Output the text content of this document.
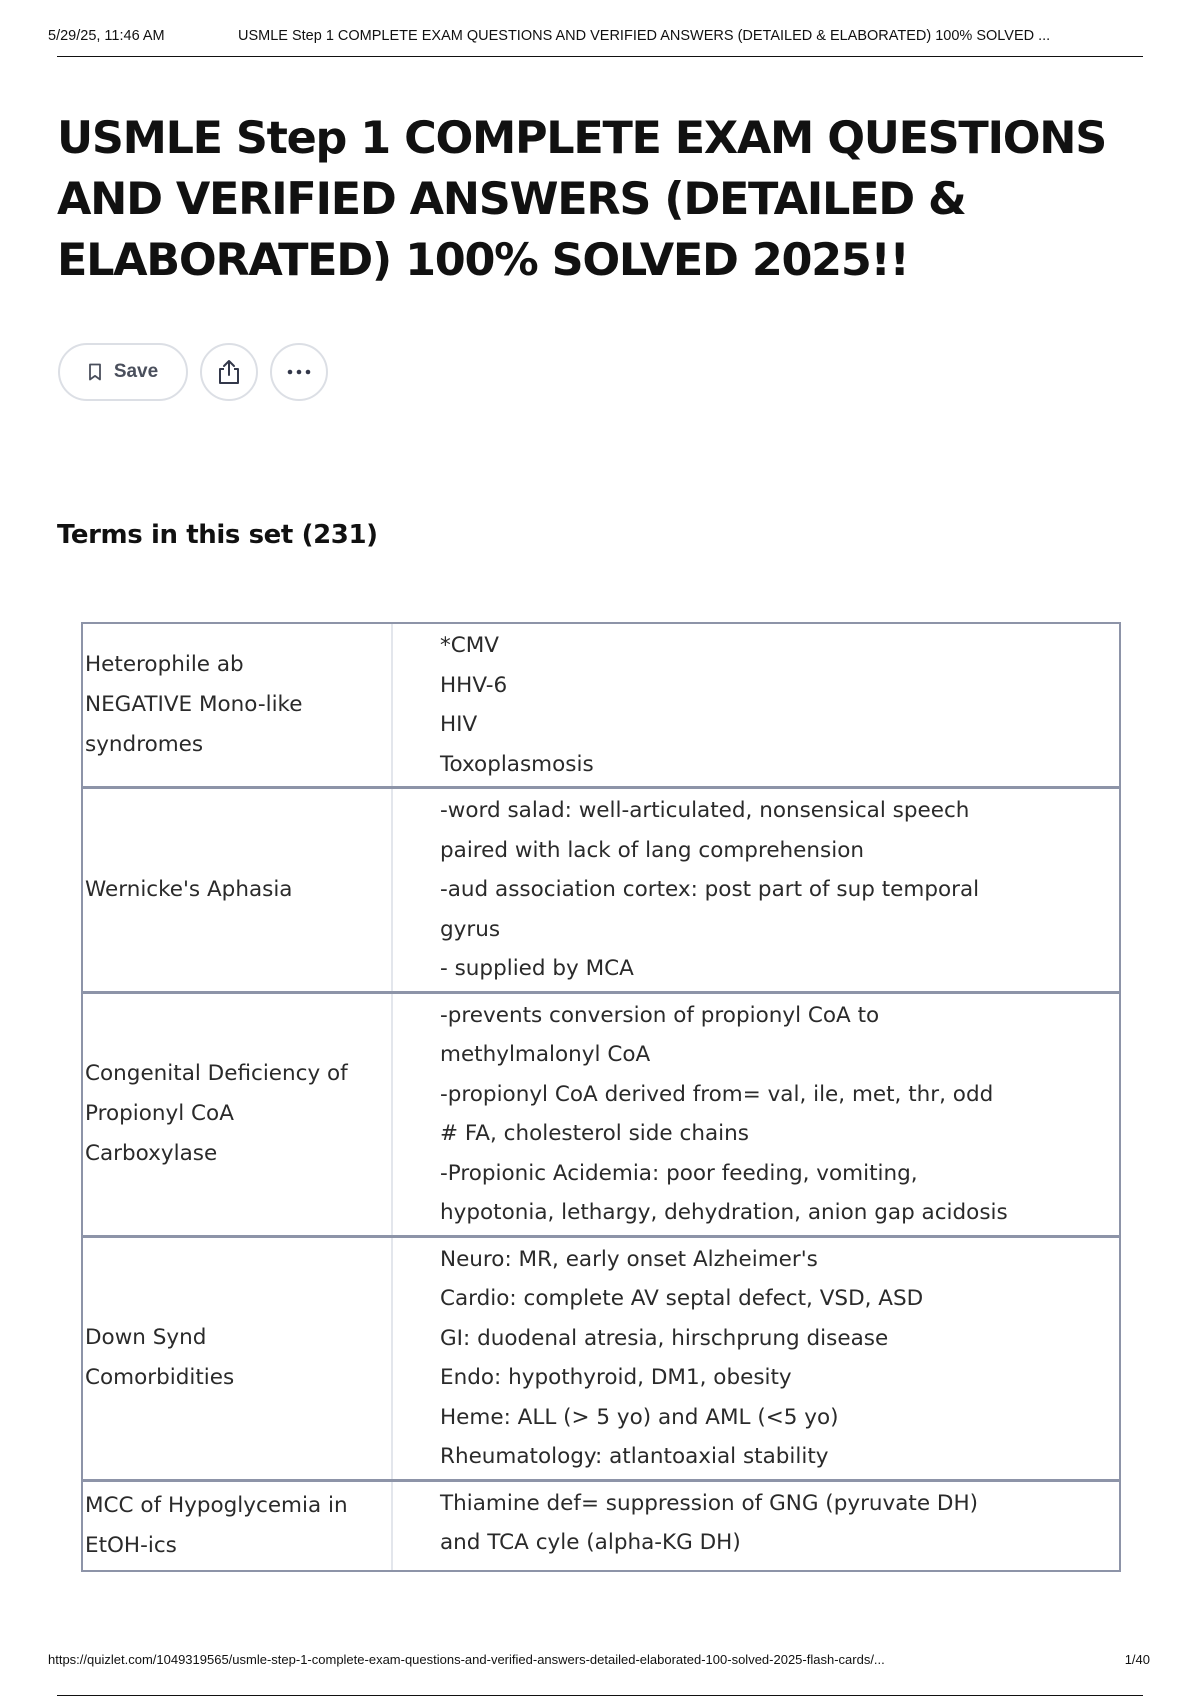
5/29/25, 11:46 AM	USMLE Step 1 COMPLETE EXAM QUESTIONS AND VERIFIED ANSWERS (DETAILED & ELABORATED) 100% SOLVED ...
USMLE Step 1 COMPLETE EXAM QUESTIONS
AND VERIFIED ANSWERS (DETAILED &
ELABORATED) 100% SOLVED 2025!!
Save
Terms in this set (231)
Heterophile ab
NEGATIVE Mono-like
syndromes
*CMV
HHV-6
HIV
Toxoplasmosis
Wernicke's Aphasia
-word salad: well-articulated, nonsensical speech
paired with lack of lang comprehension
-aud association cortex: post part of sup temporal
gyrus
- supplied by MCA
Congenital Deficiency of
Propionyl CoA
Carboxylase
-prevents conversion of propionyl CoA to
methylmalonyl CoA
-propionyl CoA derived from= val, ile, met, thr, odd
# FA, cholesterol side chains
-Propionic Acidemia: poor feeding, vomiting,
hypotonia, lethargy, dehydration, anion gap acidosis
Down Synd
Comorbidities
Neuro: MR, early onset Alzheimer's
Cardio: complete AV septal defect, VSD, ASD
GI: duodenal atresia, hirschprung disease
Endo: hypothyroid, DM1, obesity
Heme: ALL (> 5 yo) and AML (<5 yo)
Rheumatology: atlantoaxial stability
MCC of Hypoglycemia in
EtOH-ics
Thiamine def= suppression of GNG (pyruvate DH)
and TCA cyle (alpha-KG DH)
https://quizlet.com/1049319565/usmle-step-1-complete-exam-questions-and-verified-answers-detailed-elaborated-100-solved-2025-flash-cards/...	1/40
